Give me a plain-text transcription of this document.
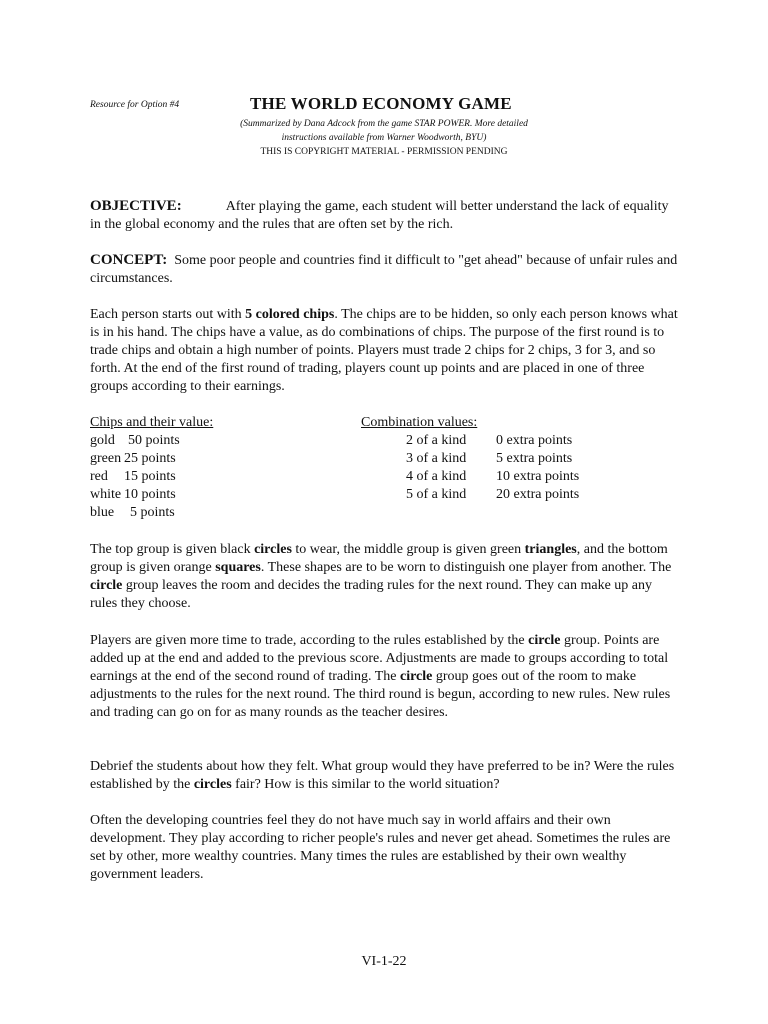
Resource for Option #4	THE WORLD ECONOMY GAME
(Summarized by Dana Adcock from the game STAR POWER. More detailed
instructions available from Warner Woodworth, BYU)
THIS IS COPYRIGHT MATERIAL - PERMISSION PENDING

OBJECTIVE:	After playing the game, each student will better understand the lack of equality in the global economy and the rules that are often set by the rich.

CONCEPT: Some poor people and countries find it difficult to "get ahead" because of unfair rules and circumstances.

Each person starts out with 5 colored chips. The chips are to be hidden, so only each person knows what is in his hand. The chips have a value, as do combinations of chips. The purpose of the first round is to trade chips and obtain a high number of points. Players must trade 2 chips for 2 chips, 3 for 3, and so forth. At the end of the first round of trading, players count up points and are placed in one of three groups according to their earnings.

Chips and their value:
gold 50 points
green 25 points
red 15 points
white 10 points
blue 5 points
Combination values:
2 of a kind 0 extra points
3 of a kind 5 extra points
4 of a kind 10 extra points
5 of a kind 20 extra points

The top group is given black circles to wear, the middle group is given green triangles, and the bottom group is given orange squares. These shapes are to be worn to distinguish one player from another. The circle group leaves the room and decides the trading rules for the next round. They can make up any rules they choose.

Players are given more time to trade, according to the rules established by the circle group. Points are added up at the end and added to the previous score. Adjustments are made to groups according to total earnings at the end of the second round of trading. The circle group goes out of the room to make adjustments to the rules for the next round. The third round is begun, according to new rules. New rules and trading can go on for as many rounds as the teacher desires.

Debrief the students about how they felt. What group would they have preferred to be in? Were the rules established by the circles fair? How is this similar to the world situation?

Often the developing countries feel they do not have much say in world affairs and their own development. They play according to richer people's rules and never get ahead. Sometimes the rules are set by other, more wealthy countries. Many times the rules are established by their own wealthy government leaders.

VI-1-22
